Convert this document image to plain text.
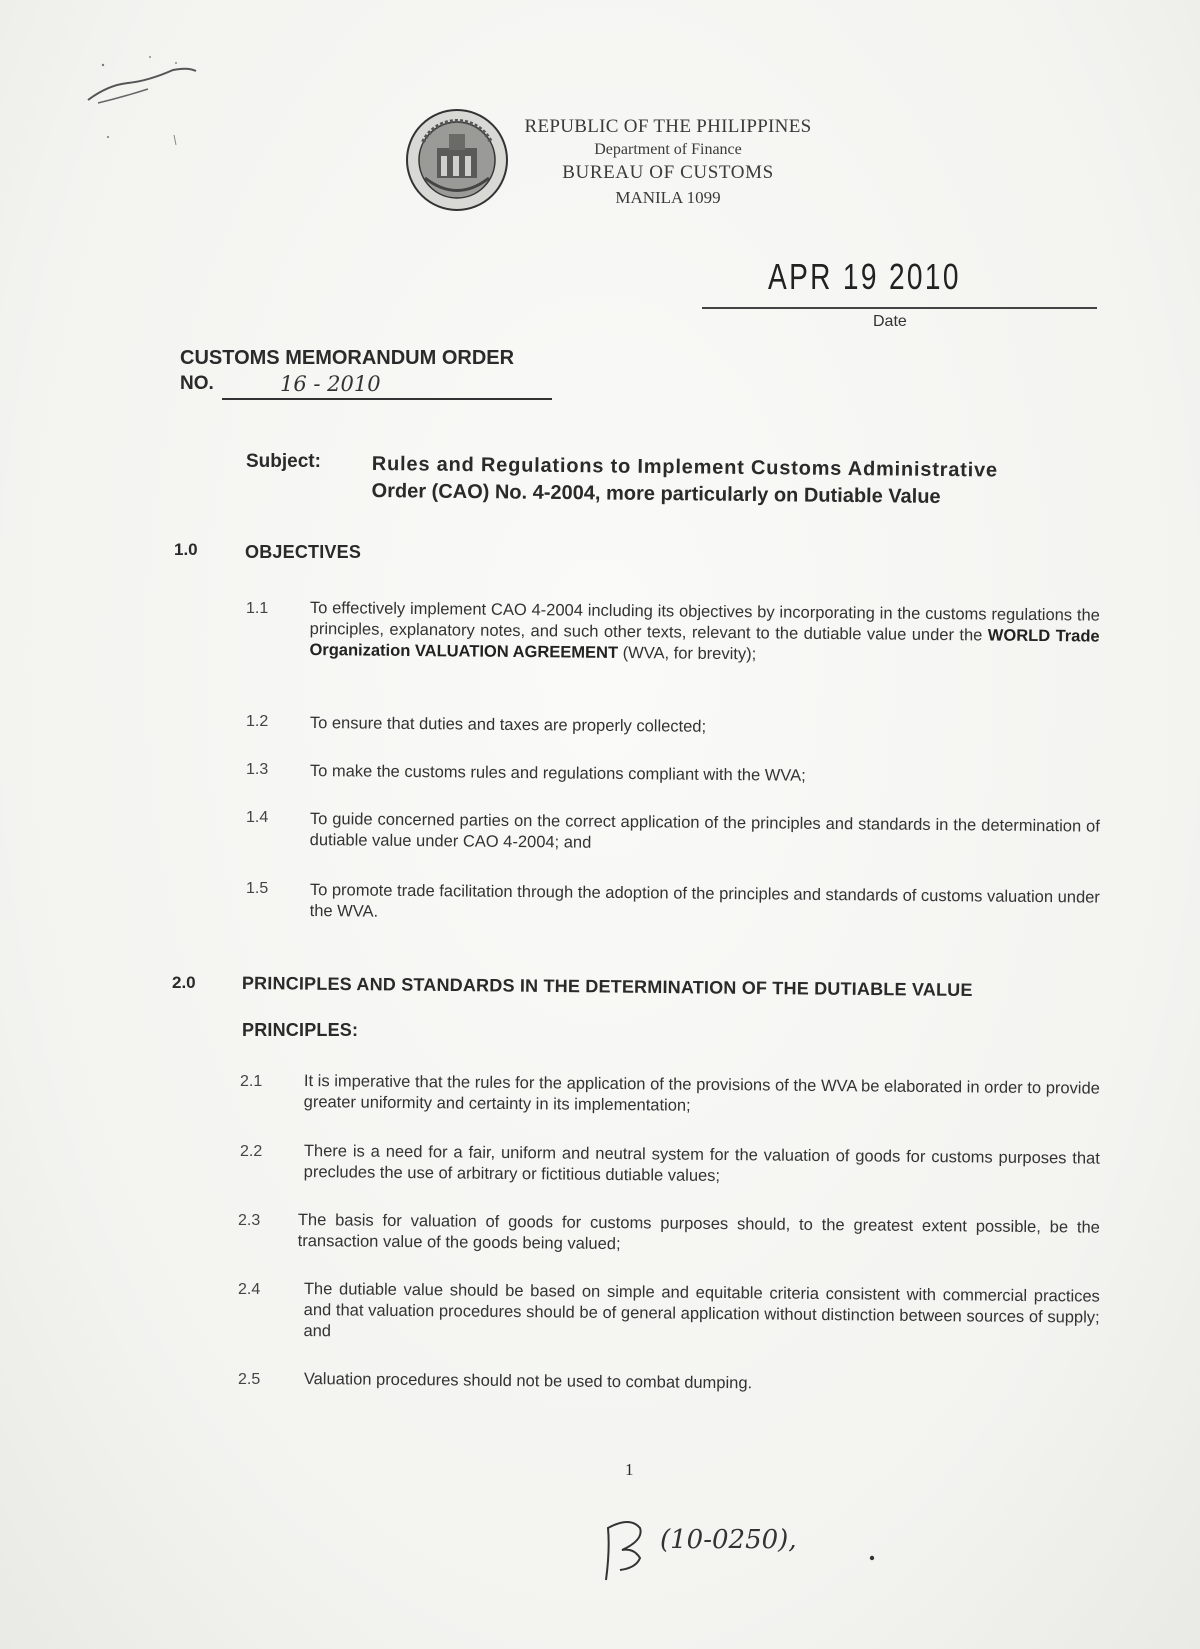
REPUBLIC OF THE PHILIPPINES
Department of Finance
BUREAU OF CUSTOMS
MANILA 1099
APR 19 2010
Date
CUSTOMS MEMORANDUM ORDER
NO.	16 - 2010
Subject:	Rules and Regulations to Implement Customs Administrative
Order (CAO) No. 4-2004, more particularly on Dutiable Value
1.0	OBJECTIVES
1.1	To effectively implement CAO 4-2004 including its objectives by incorporating in the customs regulations the principles, explanatory notes, and such other texts, relevant to the dutiable value under the WORLD Trade Organization VALUATION AGREEMENT (WVA, for brevity);
1.2	To ensure that duties and taxes are properly collected;
1.3	To make the customs rules and regulations compliant with the WVA;
1.4	To guide concerned parties on the correct application of the principles and standards in the determination of dutiable value under CAO 4-2004; and
1.5	To promote trade facilitation through the adoption of the principles and standards of customs valuation under the WVA.
2.0	PRINCIPLES AND STANDARDS IN THE DETERMINATION OF THE DUTIABLE VALUE
PRINCIPLES:
2.1	It is imperative that the rules for the application of the provisions of the WVA be elaborated in order to provide greater uniformity and certainty in its implementation;
2.2	There is a need for a fair, uniform and neutral system for the valuation of goods for customs purposes that precludes the use of arbitrary or fictitious dutiable values;
2.3 The basis for valuation of goods for customs purposes should, to the greatest extent possible, be the transaction value of the goods being valued;
2.4	The dutiable value should be based on simple and equitable criteria consistent with commercial practices and that valuation procedures should be of general application without distinction between sources of supply; and
2.5	Valuation procedures should not be used to combat dumping.
1
(10-0250),
